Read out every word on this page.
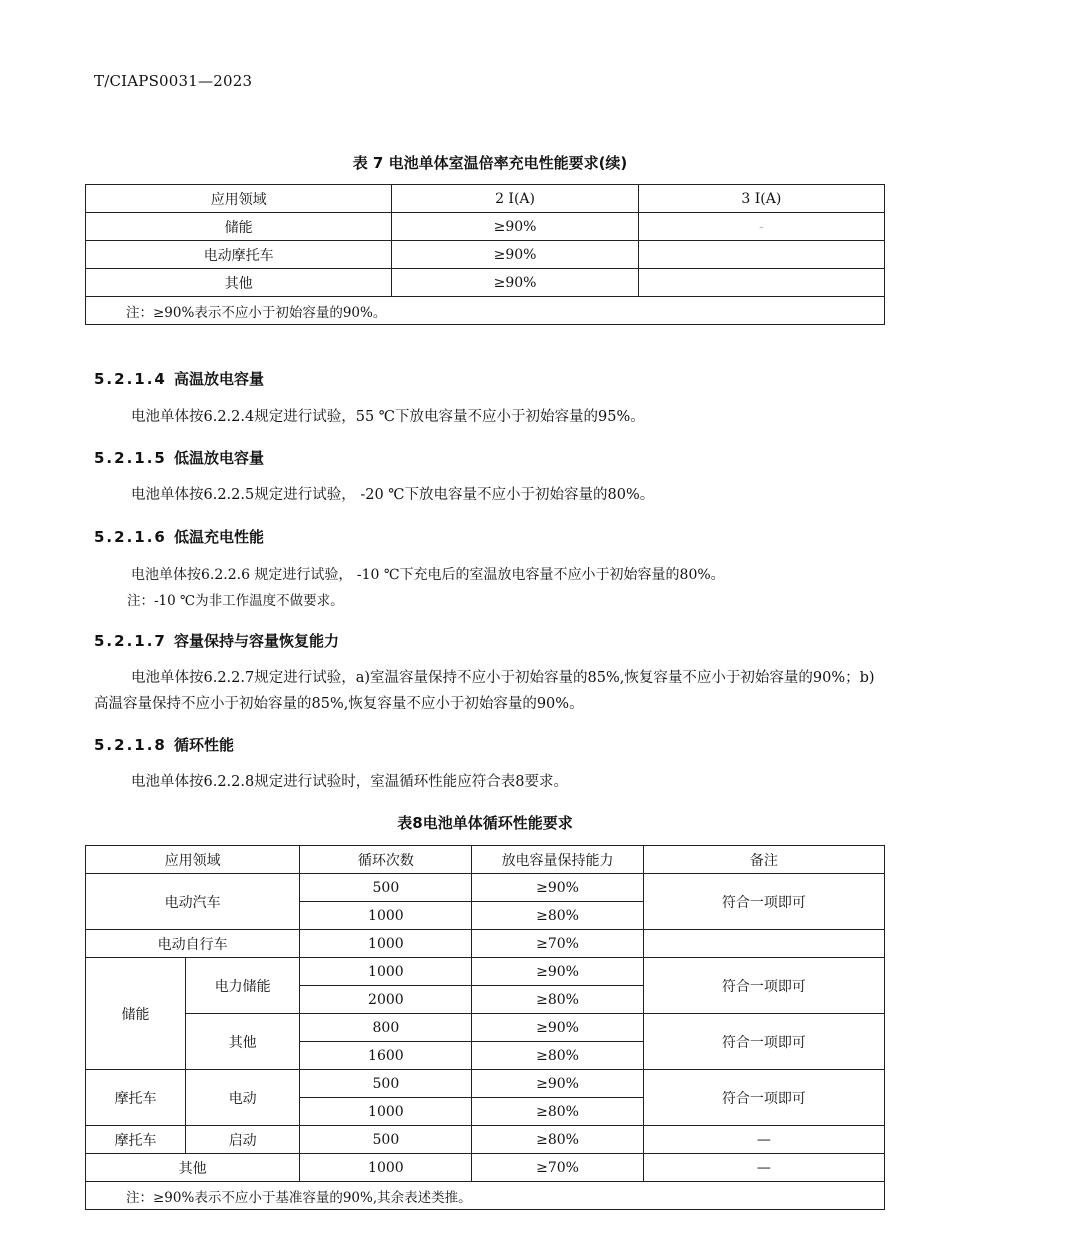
T/CIAPS0031—2023
表 7 电池单体室温倍率充电性能要求(续)
应用领域	2 I(A)	3 I(A)
储能	≥90%	-
电动摩托车	≥90%	
其他	≥90%	
注：≥90%表示不应小于初始容量的90%。		
5.2.1.4 高温放电容量
电池单体按6.2.2.4规定进行试验，55 ℃下放电容量不应小于初始容量的95%。
5.2.1.5 低温放电容量
电池单体按6.2.2.5规定进行试验， -20 ℃下放电容量不应小于初始容量的80%。
5.2.1.6 低温充电性能
电池单体按6.2.2.6 规定进行试验， -10 ℃下充电后的室温放电容量不应小于初始容量的80%。
注：-10 ℃为非工作温度不做要求。
5.2.1.7 容量保持与容量恢复能力
电池单体按6.2.2.7规定进行试验，a)室温容量保持不应小于初始容量的85%,恢复容量不应小于初始容量的90%；b) 高温容量保持不应小于初始容量的85%,恢复容量不应小于初始容量的90%。
5.2.1.8 循环性能
电池单体按6.2.2.8规定进行试验时，室温循环性能应符合表8要求。
表8电池单体循环性能要求
应用领域		循环次数	放电容量保持能力	备注
电动汽车		500	≥90%	符合一项即可
		1000	≥80%	
电动自行车		1000	≥70%	
储能	电力储能	1000	≥90%	符合一项即可
		2000	≥80%	
	其他	800	≥90%	符合一项即可
		1600	≥80%	
摩托车	电动	500	≥90%	符合一项即可
		1000	≥80%	
摩托车	启动	500	≥80%	—
其他		1000	≥70%	—
注：≥90%表示不应小于基准容量的90%,其余表述类推。				
